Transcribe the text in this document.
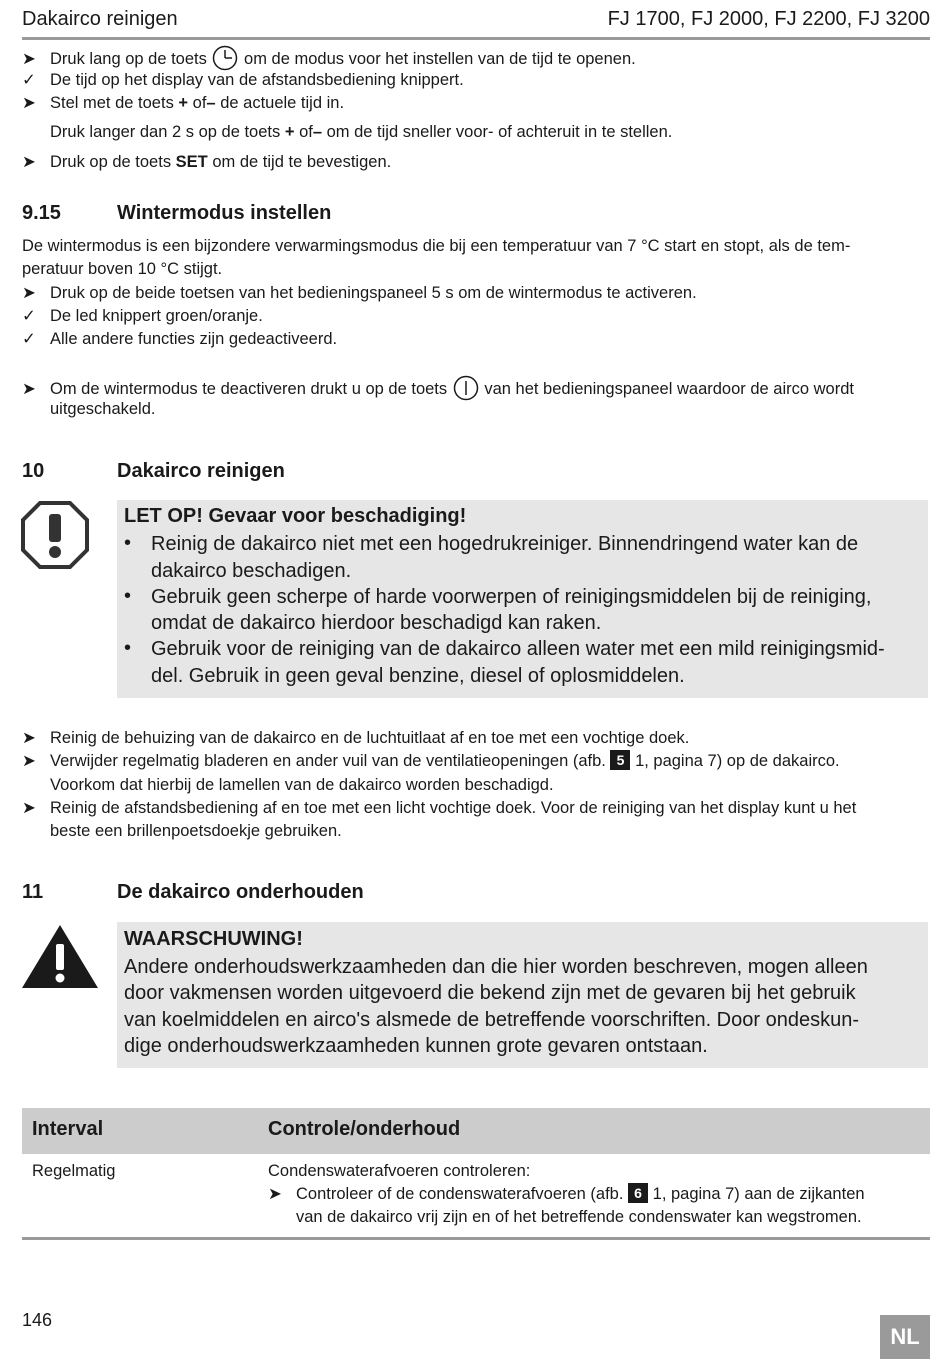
Dakairco reinigen	FJ 1700, FJ 2000, FJ 2200, FJ 3200
➤ Druk lang op de toets om de modus voor het instellen van de tijd te openen.
✓ De tijd op het display van de afstandsbediening knippert.
➤ Stel met de toets + of– de actuele tijd in.
Druk langer dan 2 s op de toets + of– om de tijd sneller voor- of achteruit in te stellen.
➤ Druk op de toets SET om de tijd te bevestigen.
9.15	Wintermodus instellen
De wintermodus is een bijzondere verwarmingsmodus die bij een temperatuur van 7 °C start en stopt, als de tem-
peratuur boven 10 °C stijgt.
➤ Druk op de beide toetsen van het bedieningspaneel 5 s om de wintermodus te activeren.
✓ De led knippert groen/oranje.
✓ Alle andere functies zijn gedeactiveerd.
➤ Om de wintermodus te deactiveren drukt u op de toets van het bedieningspaneel waardoor de airco wordt
uitgeschakeld.
10	Dakairco reinigen
LET OP! Gevaar voor beschadiging!
• Reinig de dakairco niet met een hogedrukreiniger. Binnendringend water kan de
dakairco beschadigen.
• Gebruik geen scherpe of harde voorwerpen of reinigingsmiddelen bij de reiniging,
omdat de dakairco hierdoor beschadigd kan raken.
• Gebruik voor de reiniging van de dakairco alleen water met een mild reinigingsmid-
del. Gebruik in geen geval benzine, diesel of oplosmiddelen.
➤ Reinig de behuizing van de dakairco en de luchtuitlaat af en toe met een vochtige doek.
➤ Verwijder regelmatig bladeren en ander vuil van de ventilatieopeningen (afb. 5 1, pagina 7) op de dakairco.
Voorkom dat hierbij de lamellen van de dakairco worden beschadigd.
➤ Reinig de afstandsbediening af en toe met een licht vochtige doek. Voor de reiniging van het display kunt u het
beste een brillenpoetsdoekje gebruiken.
11	De dakairco onderhouden
WAARSCHUWING!
Andere onderhoudswerkzaamheden dan die hier worden beschreven, mogen alleen
door vakmensen worden uitgevoerd die bekend zijn met de gevaren bij het gebruik
van koelmiddelen en airco's alsmede de betreffende voorschriften. Door ondeskun-
dige onderhoudswerkzaamheden kunnen grote gevaren ontstaan.
Interval	Controle/onderhoud
Regelmatig	Condenswaterafvoeren controleren:
➤ Controleer of de condenswaterafvoeren (afb. 6 1, pagina 7) aan de zijkanten
van de dakairco vrij zijn en of het betreffende condenswater kan wegstromen.
146
NL
